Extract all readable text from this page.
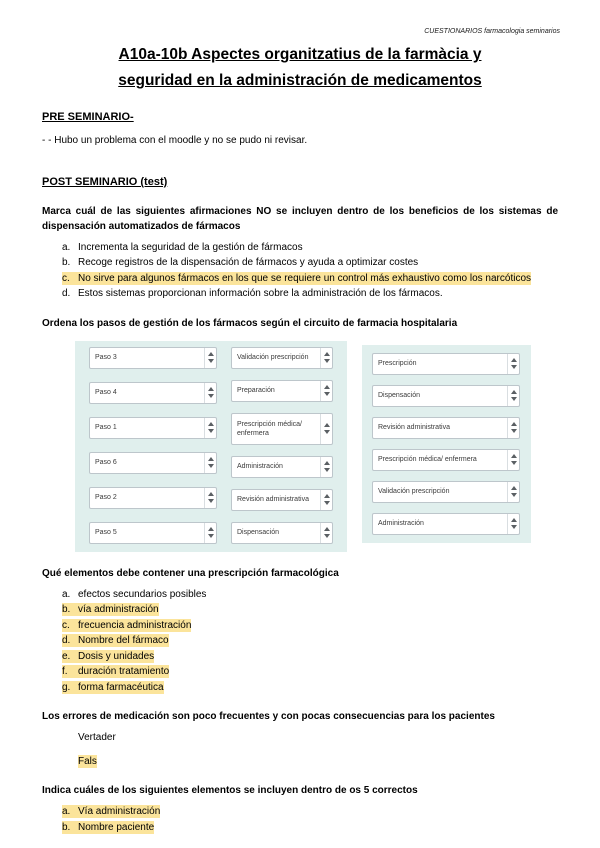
CUESTIONARIOS farmacologia seminarios
A10a-10b Aspectes organitzatius de la farmàcia y
seguridad en la administración de medicamentos
PRE SEMINARIO-
- - Hubo un problema con el moodle y no se pudo ni revisar.
POST SEMINARIO (test)
Marca cuál de las siguientes afirmaciones NO se incluyen dentro de los beneficios de los sistemas de dispensación automatizados de fármacos
a. Incrementa la seguridad de la gestión de fármacos
b. Recoge registros de la dispensación de fármacos y ayuda a optimizar costes
c. No sirve para algunos fármacos en los que se requiere un control más exhaustivo como los narcóticos
d. Estos sistemas proporcionan información sobre la administración de los fármacos.
Ordena los pasos de gestión de los fármacos según el circuito de farmacia hospitalaria
Paso 3
Paso 4
Paso 1
Paso 6
Paso 2
Paso 5
Validación prescripción
Preparación
Prescripción médica/ enfermera
Administración
Revisión administrativa
Dispensación
Prescripción
Dispensación
Revisión administrativa
Prescripción médica/ enfermera
Validación prescripción
Administración
Qué elementos debe contener una prescripción farmacológica
a. efectos secundarios posibles
b. vía administración
c. frecuencia administración
d. Nombre del fármaco
e. Dosis y unidades
f. duración tratamiento
g. forma farmacéutica
Los errores de medicación son poco frecuentes y con pocas consecuencias para los pacientes
Vertader
Fals
Indica cuáles de los siguientes elementos se incluyen dentro de os 5 correctos
a. Vía administración
b. Nombre paciente
